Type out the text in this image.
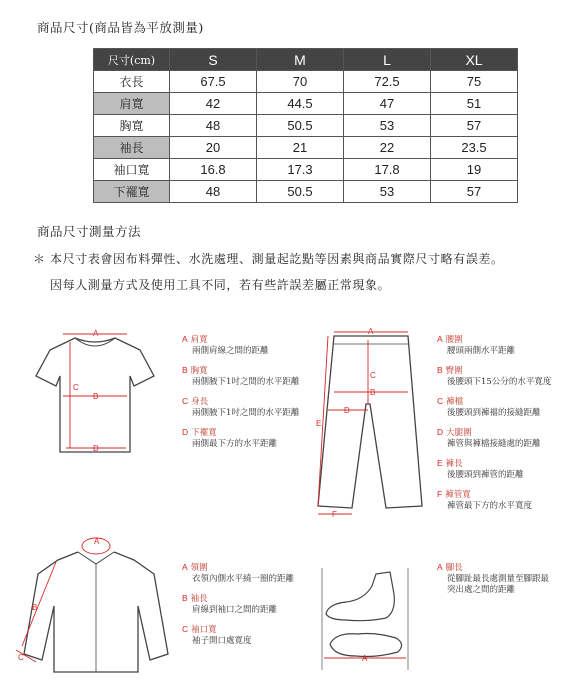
商品尺寸(商品皆為平放測量)
尺寸(cm)	S	M	L	XL
衣長	67.5	70	72.5	75
肩寬	42	44.5	47	51
胸寬	48	50.5	53	57
袖長	20	21	22	23.5
袖口寬	16.8	17.3	17.8	19
下襬寬	48	50.5	53	57
商品尺寸測量方法
＊ 本尺寸表會因布料彈性、水洗處理、測量起訖點等因素與商品實際尺寸略有誤差。
因每人測量方式及使用工具不同，若有些許誤差屬正常現象。
A
B
C
D
A 肩寬
兩側肩線之間的距離
B 胸寬
兩側腋下1吋之間的水平距離
C 身長
兩側腋下1吋之間的水平距離
D 下襬寬
兩側最下方的水平距離
A
B
C
D
E
F
A 腰圍
腰頭兩側水平距離
B 臀圍
後腰頭下15公分的水平寬度
C 褲檔
後腰頭到褲襠的接縫距離
D 大腿圍
褲管與褲檔接縫處的距離
E 褲長
後腰頭到褲管的距離
F 褲管寬
褲管最下方的水平寬度
A
B
C
A 領圍
衣領內側水平繞一圈的距離
B 袖長
肩線到袖口之間的距離
C 袖口寬
袖子開口處寬度
A
A 腳長
從腳趾最長處測量至腳跟最突出處之間的距離
